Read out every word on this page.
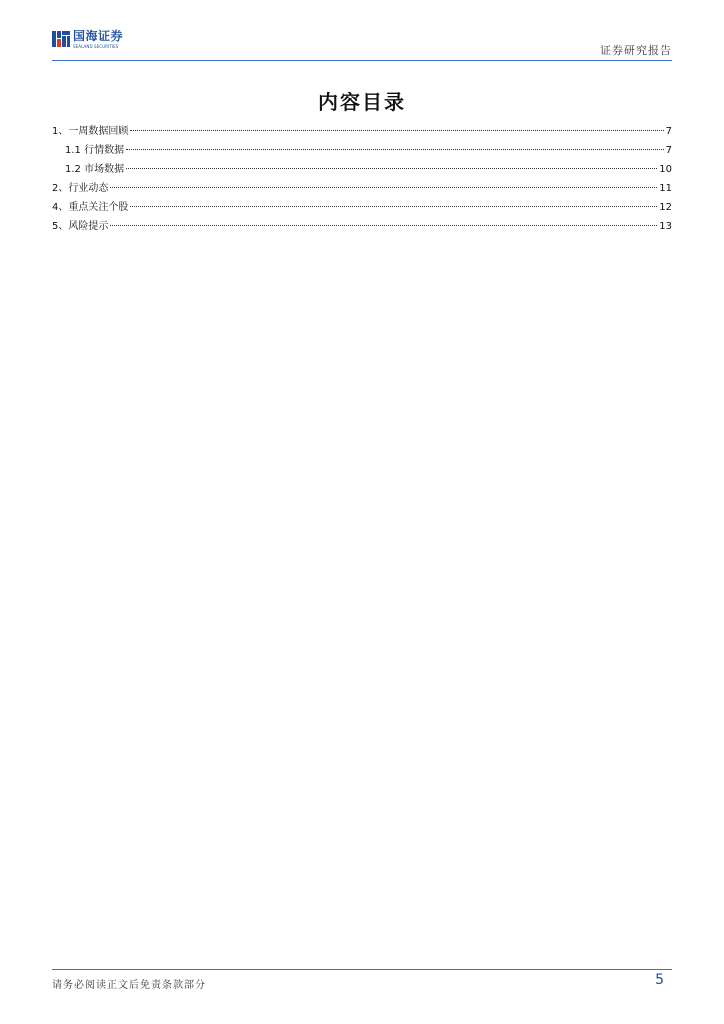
国海证券
SEALAND SECURITIES	证券研究报告
内容目录
1、一周数据回顾	7
1.1 行情数据	7
1.2 市场数据	10
2、行业动态	11
4、重点关注个股	12
5、风险提示	13
请务必阅读正文后免责条款部分	5
